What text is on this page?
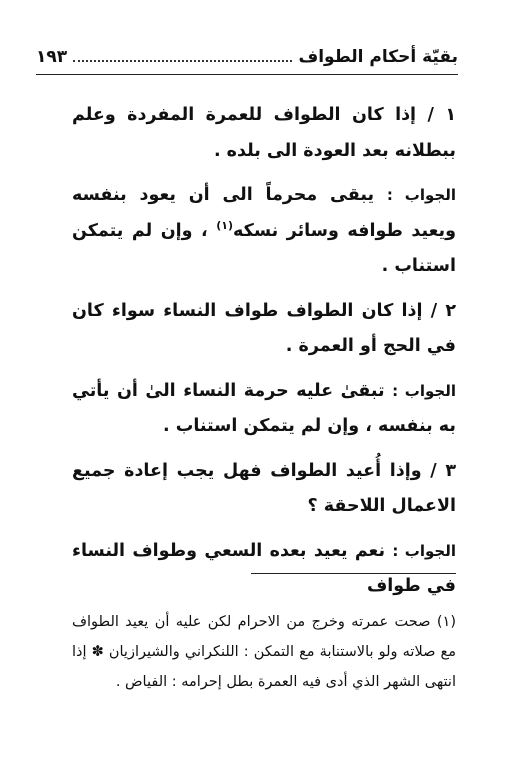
بقيّة أحكام الطواف
١٩٣

١ / إذا كان الطواف للعمرة المفردة وعلم ببطلانه بعد العودة الى بلده .

الجواب : يبقى محرماً الى أن يعود بنفسه ويعيد طوافه وسائر نسكه$^{(١)}$ ، وإن لم يتمكن استناب .

٢ / إذا كان الطواف طواف النساء سواء كان في الحج أو العمرة .

الجواب : تبقىٰ عليه حرمة النساء الىٰ أن يأتي به بنفسه ، وإن لم يتمكن استناب .

٣ / وإذا أُعيد الطواف فهل يجب إعادة جميع الاعمال اللاحقة ؟

الجواب : نعم يعيد بعده السعي وطواف النساء في طواف

(١) صحت عمرته وخرج من الاحرام لكن عليه أن يعيد الطواف مع صلاته ولو بالاستنابة مع التمكن : اللنكراني والشيرازيان ✽ إذا انتهى الشهر الذي أدى فيه العمرة بطل إحرامه : الفياض .
